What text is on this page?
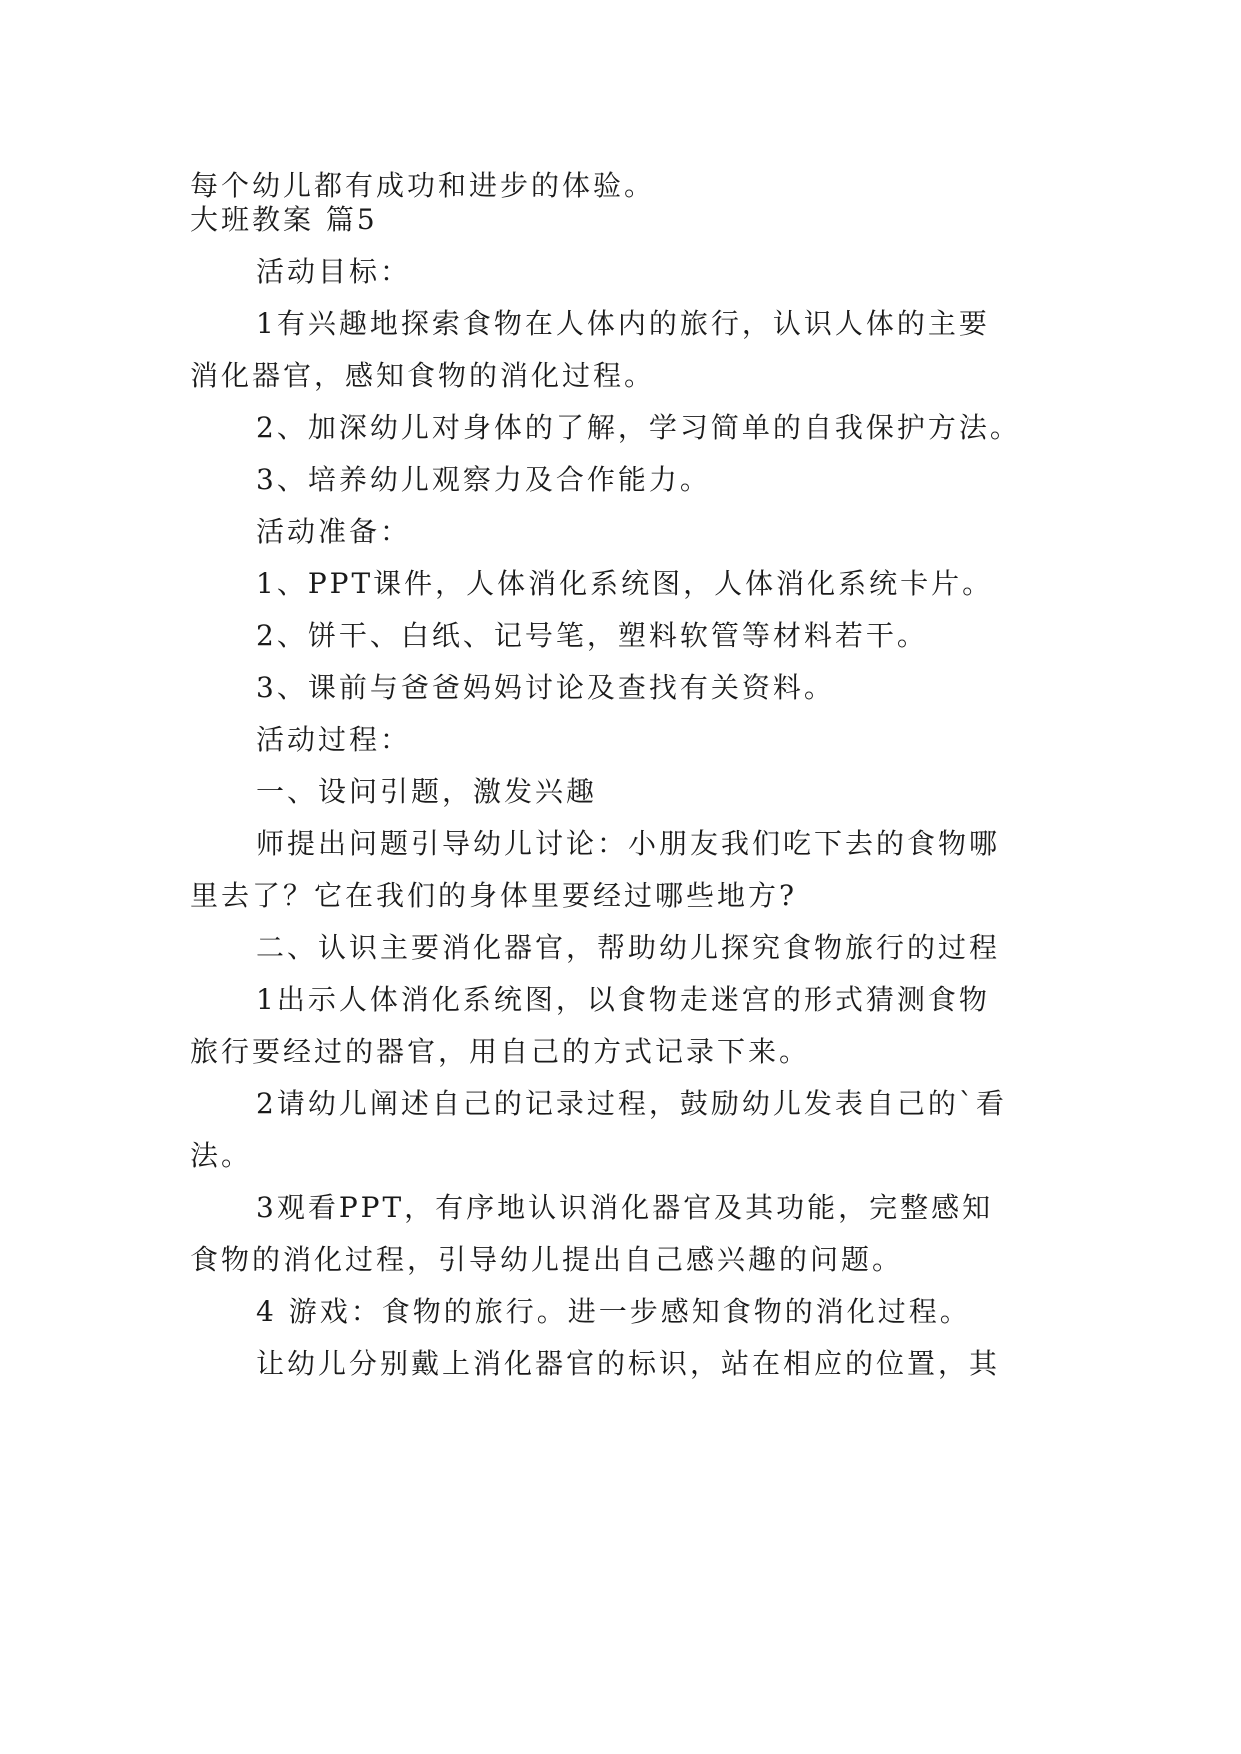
每个幼儿都有成功和进步的体验。
大班教案 篇5
活动目标：
1有兴趣地探索食物在人体内的旅行，认识人体的主要
消化器官，感知食物的消化过程。
2、加深幼儿对身体的了解，学习简单的自我保护方法。
3、培养幼儿观察力及合作能力。
活动准备：
1、PPT课件，人体消化系统图，人体消化系统卡片。
2、饼干、白纸、记号笔，塑料软管等材料若干。
3、课前与爸爸妈妈讨论及查找有关资料。
活动过程：
一、设问引题，激发兴趣
师提出问题引导幼儿讨论：小朋友我们吃下去的食物哪
里去了？它在我们的身体里要经过哪些地方?
二、认识主要消化器官，帮助幼儿探究食物旅行的过程
1出示人体消化系统图，以食物走迷宫的形式猜测食物
旅行要经过的器官，用自己的方式记录下来。
2请幼儿阐述自己的记录过程，鼓励幼儿发表自己的`看
法。
3观看PPT，有序地认识消化器官及其功能，完整感知
食物的消化过程，引导幼儿提出自己感兴趣的问题。
4 游戏：食物的旅行。进一步感知食物的消化过程。
让幼儿分别戴上消化器官的标识，站在相应的位置，其
